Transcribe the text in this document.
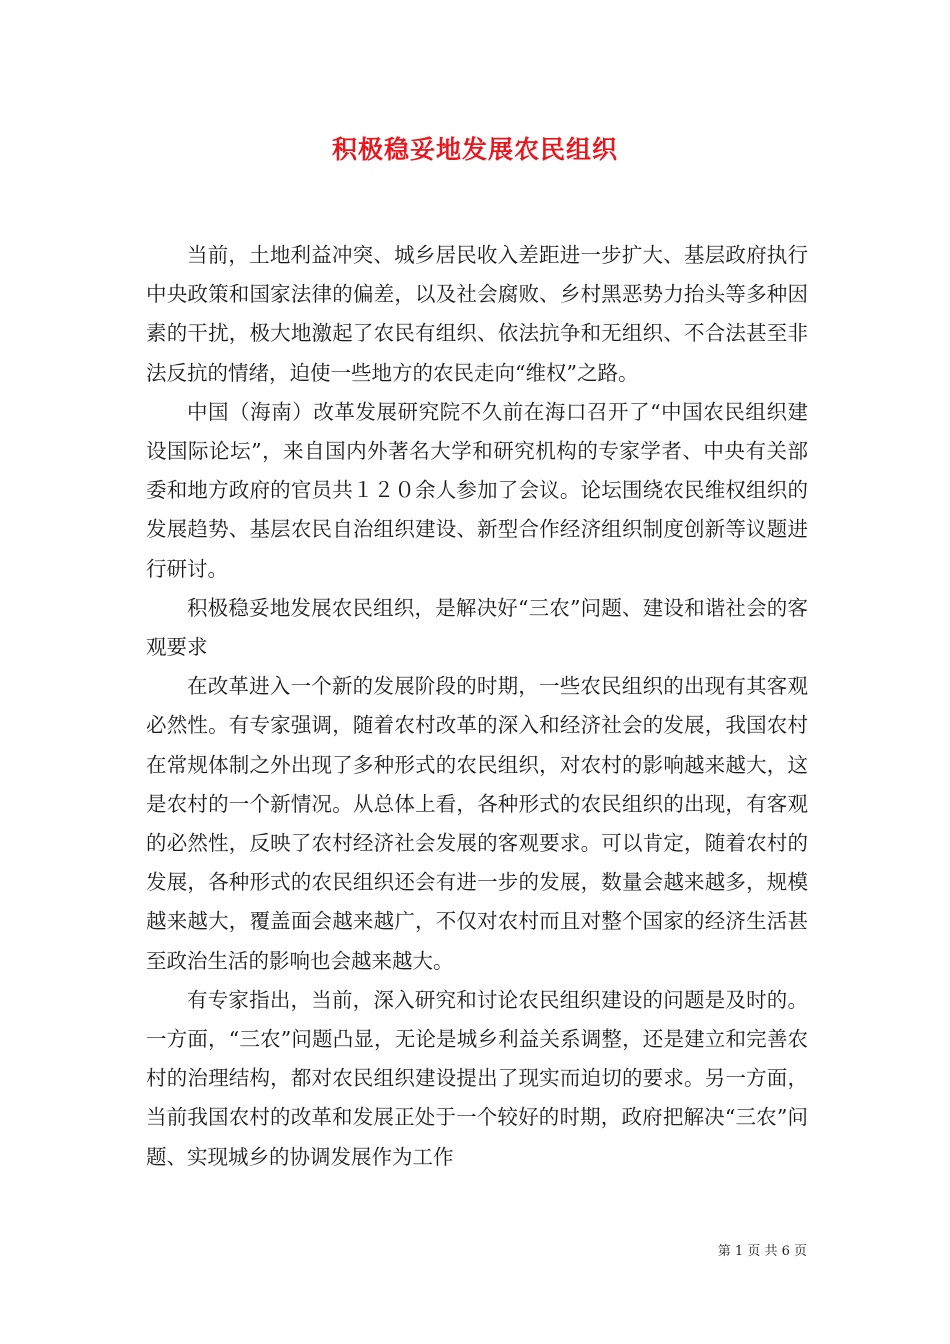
积极稳妥地发展农民组织

当前，土地利益冲突、城乡居民收入差距进一步扩大、基层政府执行中央政策和国家法律的偏差，以及社会腐败、乡村黑恶势力抬头等多种因素的干扰，极大地激起了农民有组织、依法抗争和无组织、不合法甚至非法反抗的情绪，迫使一些地方的农民走向“维权”之路。

中国（海南）改革发展研究院不久前在海口召开了“中国农民组织建设国际论坛”，来自国内外著名大学和研究机构的专家学者、中央有关部委和地方政府的官员共１２０余人参加了会议。论坛围绕农民维权组织的发展趋势、基层农民自治组织建设、新型合作经济组织制度创新等议题进行研讨。

积极稳妥地发展农民组织，是解决好“三农”问题、建设和谐社会的客观要求

在改革进入一个新的发展阶段的时期，一些农民组织的出现有其客观必然性。有专家强调，随着农村改革的深入和经济社会的发展，我国农村在常规体制之外出现了多种形式的农民组织，对农村的影响越来越大，这是农村的一个新情况。从总体上看，各种形式的农民组织的出现，有客观的必然性，反映了农村经济社会发展的客观要求。可以肯定，随着农村的发展，各种形式的农民组织还会有进一步的发展，数量会越来越多，规模越来越大，覆盖面会越来越广，不仅对农村而且对整个国家的经济生活甚至政治生活的影响也会越来越大。

有专家指出，当前，深入研究和讨论农民组织建设的问题是及时的。一方面，“三农”问题凸显，无论是城乡利益关系调整，还是建立和完善农村的治理结构，都对农民组织建设提出了现实而迫切的要求。另一方面，当前我国农村的改革和发展正处于一个较好的时期，政府把解决“三农”问题、实现城乡的协调发展作为工作

第 1 页 共 6 页
